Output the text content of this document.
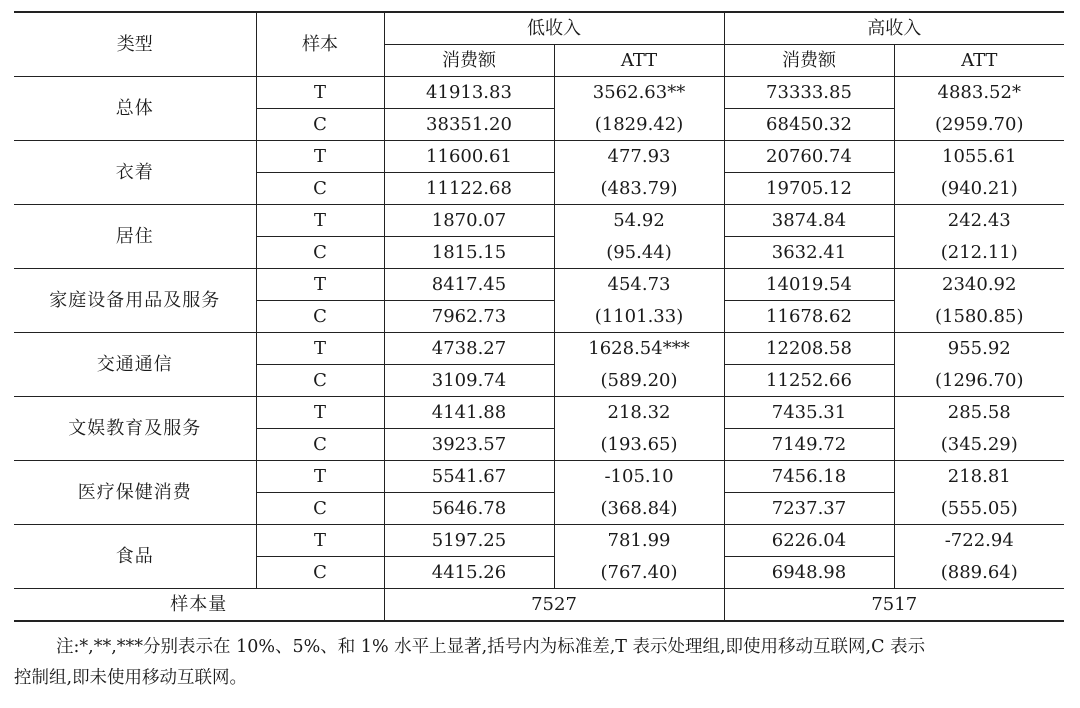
类型	样本	低收入		高收入	
		消费额	ATT	消费额	ATT
总体	T	41913.83	3562.63**	73333.85	4883.52*
	C	38351.20	(1829.42)	68450.32	(2959.70)
衣着	T	11600.61	477.93	20760.74	1055.61
	C	11122.68	(483.79)	19705.12	(940.21)
居住	T	1870.07	54.92	3874.84	242.43
	C	1815.15	(95.44)	3632.41	(212.11)
家庭设备用品及服务	T	8417.45	454.73	14019.54	2340.92
	C	7962.73	(1101.33)	11678.62	(1580.85)
交通通信	T	4738.27	1628.54***	12208.58	955.92
	C	3109.74	(589.20)	11252.66	(1296.70)
文娱教育及服务	T	4141.88	218.32	7435.31	285.58
	C	3923.57	(193.65)	7149.72	(345.29)
医疗保健消费	T	5541.67	-105.10	7456.18	218.81
	C	5646.78	(368.84)	7237.37	(555.05)
食品	T	5197.25	781.99	6226.04	-722.94
	C	4415.26	(767.40)	6948.98	(889.64)
样本量		7527		7517	
注:*,**,***分别表示在 10%、5%、和 1% 水平上显著,括号内为标准差,T 表示处理组,即使用移动互联网,C 表示
控制组,即未使用移动互联网。
